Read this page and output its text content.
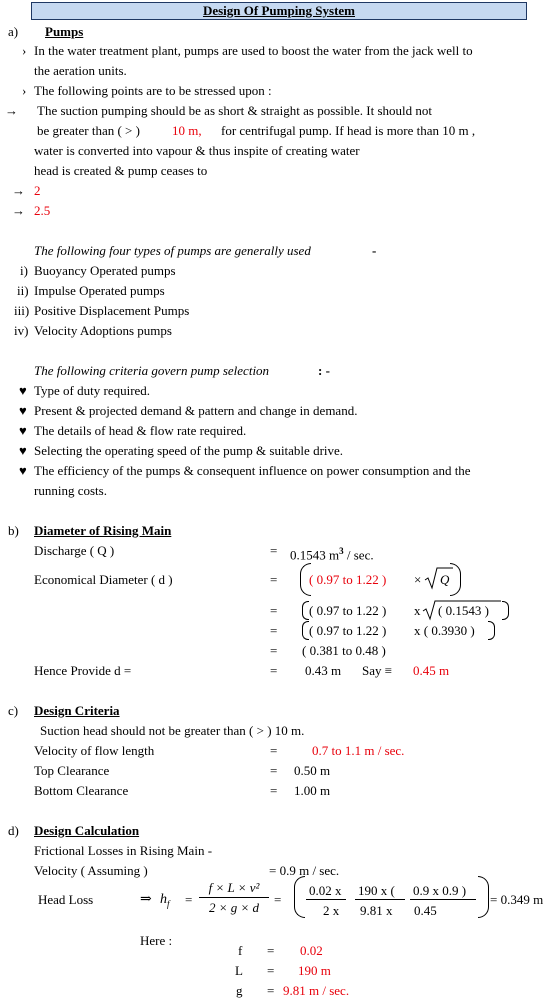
Design Of Pumping System
a) Pumps
› In the water treatment plant, pumps are used to boost the water from the jack well to
the aeration units.
› The following points are to be stressed upon :
→ The suction pumping should be as short & straight as possible. It should not
be greater than ( > ) 10 m, for centrifugal pump. If head is more than 10 m ,
water is converted into vapour & thus inspite of creating water
head is created & pump ceases to
→ 2
→ 2.5
The following four types of pumps are generally used	-
i) Buoyancy Operated pumps
ii) Impulse Operated pumps
iii) Positive Displacement Pumps
iv) Velocity Adoptions pumps
The following criteria govern pump selection	: -
♥ Type of duty required.
♥ Present & projected demand & pattern and change in demand.
♥ The details of head & flow rate required.
♥ Selecting the operating speed of the pump & suitable drive.
♥ The efficiency of the pumps & consequent influence on power consumption and the
running costs.
b) Diameter of Rising Main
Discharge ( Q )	= 0.1543 $m^3$ / sec.
Economical Diameter ( d )	= ( 0.97 to 1.22 ) × Q
= ( 0.97 to 1.22 ) x ( 0.1543 )
= ( 0.97 to 1.22 ) x ( 0.3930 )
= ( 0.381 to 0.48 )
Hence Provide d =	= 0.43 m Say ≡ 0.45 m
c) Design Criteria
Suction head should not be greater than ( > ) 10 m.
Velocity of flow length	=	0.7 to 1.1 m / sec.
Top Clearance	= 0.50 m
Bottom Clearance	= 1.00 m
d) Design Calculation
Frictional Losses in Rising Main -
Velocity ( Assuming )	= 0.9 m / sec.
Head Loss	⇒ $h_f$ =
f × L × v²
2 × g × d
=
0.02 x 190 x ( 0.9 x 0.9 )
2 x 9.81 x 0.45
= 0.349 m
Here :
f = 0.02
L = 190 m
g = 9.81 m / sec.
